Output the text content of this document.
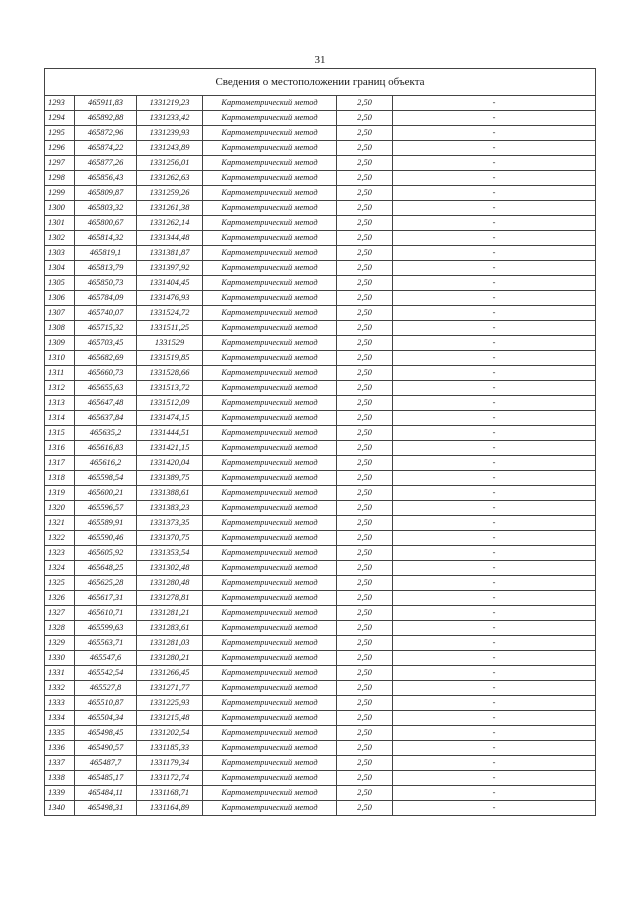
31
Сведения о местоположении границ объекта					
1293	465911,83	1331219,23	Картометрический метод	2,50	-
1294	465892,88	1331233,42	Картометрический метод	2,50	-
1295	465872,96	1331239,93	Картометрический метод	2,50	-
1296	465874,22	1331243,89	Картометрический метод	2,50	-
1297	465877,26	1331256,01	Картометрический метод	2,50	-
1298	465856,43	1331262,63	Картометрический метод	2,50	-
1299	465809,87	1331259,26	Картометрический метод	2,50	-
1300	465803,32	1331261,38	Картометрический метод	2,50	-
1301	465800,67	1331262,14	Картометрический метод	2,50	-
1302	465814,32	1331344,48	Картометрический метод	2,50	-
1303	465819,1	1331381,87	Картометрический метод	2,50	-
1304	465813,79	1331397,92	Картометрический метод	2,50	-
1305	465850,73	1331404,45	Картометрический метод	2,50	-
1306	465784,09	1331476,93	Картометрический метод	2,50	-
1307	465740,07	1331524,72	Картометрический метод	2,50	-
1308	465715,32	1331511,25	Картометрический метод	2,50	-
1309	465703,45	1331529	Картометрический метод	2,50	-
1310	465682,69	1331519,85	Картометрический метод	2,50	-
1311	465660,73	1331528,66	Картометрический метод	2,50	-
1312	465655,63	1331513,72	Картометрический метод	2,50	-
1313	465647,48	1331512,09	Картометрический метод	2,50	-
1314	465637,84	1331474,15	Картометрический метод	2,50	-
1315	465635,2	1331444,51	Картометрический метод	2,50	-
1316	465616,83	1331421,15	Картометрический метод	2,50	-
1317	465616,2	1331420,04	Картометрический метод	2,50	-
1318	465598,54	1331389,75	Картометрический метод	2,50	-
1319	465600,21	1331388,61	Картометрический метод	2,50	-
1320	465596,57	1331383,23	Картометрический метод	2,50	-
1321	465589,91	1331373,35	Картометрический метод	2,50	-
1322	465590,46	1331370,75	Картометрический метод	2,50	-
1323	465605,92	1331353,54	Картометрический метод	2,50	-
1324	465648,25	1331302,48	Картометрический метод	2,50	-
1325	465625,28	1331280,48	Картометрический метод	2,50	-
1326	465617,31	1331278,81	Картометрический метод	2,50	-
1327	465610,71	1331281,21	Картометрический метод	2,50	-
1328	465599,63	1331283,61	Картометрический метод	2,50	-
1329	465563,71	1331281,03	Картометрический метод	2,50	-
1330	465547,6	1331280,21	Картометрический метод	2,50	-
1331	465542,54	1331266,45	Картометрический метод	2,50	-
1332	465527,8	1331271,77	Картометрический метод	2,50	-
1333	465510,87	1331225,93	Картометрический метод	2,50	-
1334	465504,34	1331215,48	Картометрический метод	2,50	-
1335	465498,45	1331202,54	Картометрический метод	2,50	-
1336	465490,57	1331185,33	Картометрический метод	2,50	-
1337	465487,7	1331179,34	Картометрический метод	2,50	-
1338	465485,17	1331172,74	Картометрический метод	2,50	-
1339	465484,11	1331168,71	Картометрический метод	2,50	-
1340	465498,31	1331164,89	Картометрический метод	2,50	-
